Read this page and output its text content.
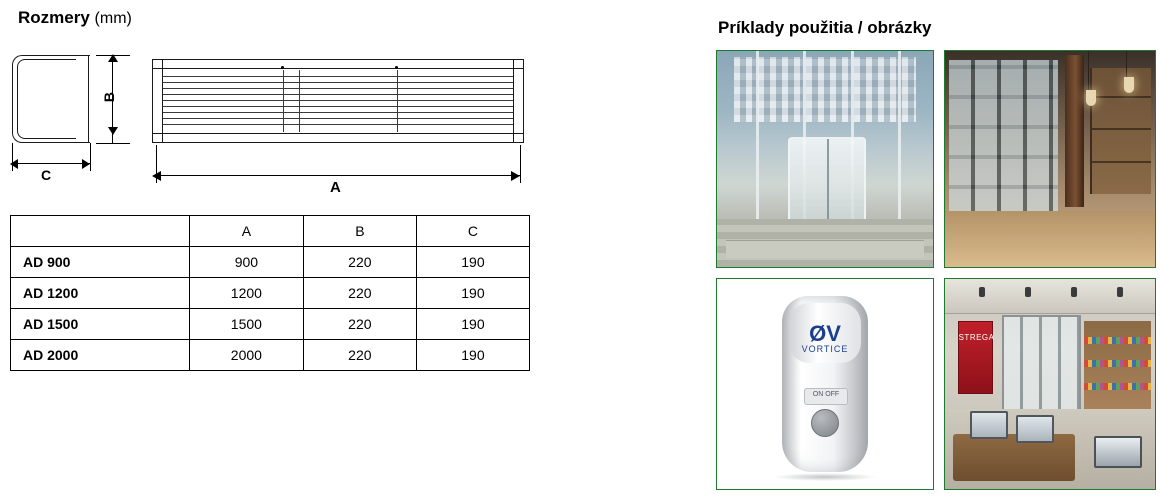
Rozmery (mm)
B
C
A
	A	B	C
AD 900	900	220	190
AD 1200	1200	220	190
AD 1500	1500	220	190
AD 2000	2000	220	190
Príklady použitia / obrázky
ØV
VORTICE
ON OFF
STREGA
